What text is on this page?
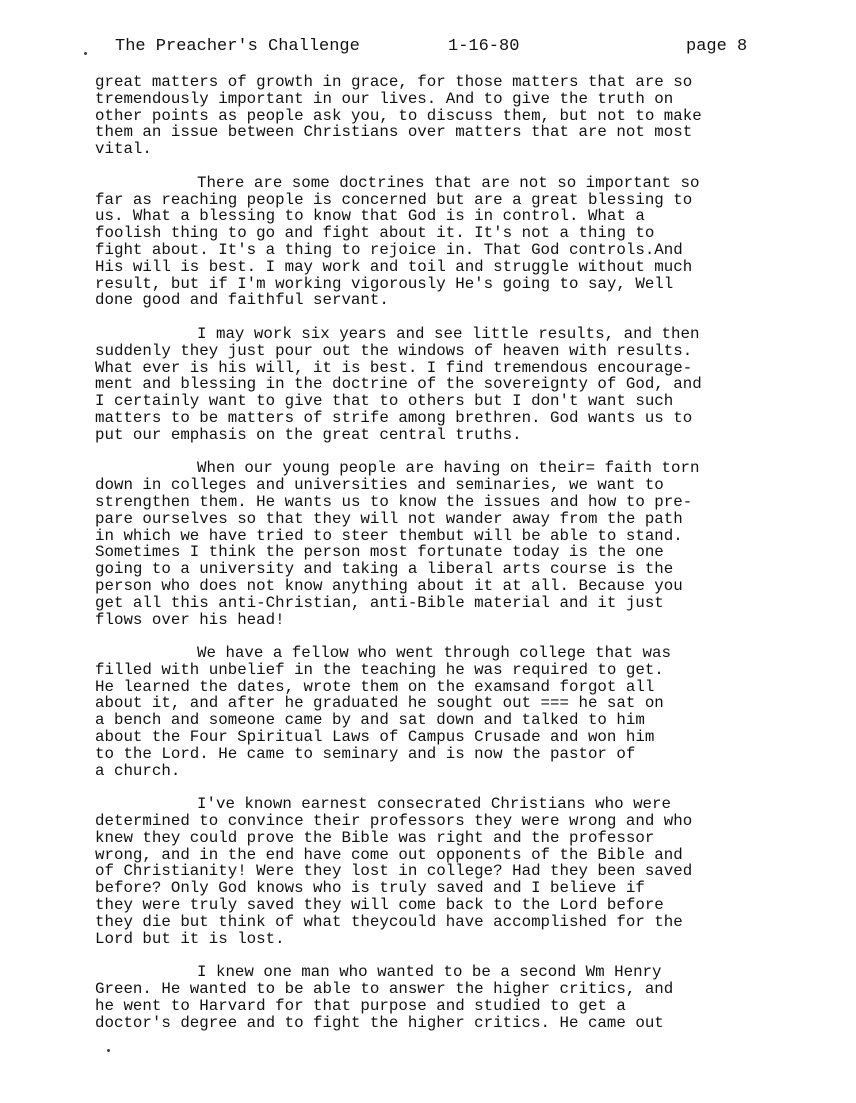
The Preacher's Challenge	1-16-80	page 8

great matters of growth in grace, for those matters that are so
tremendously important in our lives. And to give the truth on
other points as people ask you, to discuss them, but not to make
them an issue between Christians over matters that are not most
vital.

There are some doctrines that are not so important so
far as reaching people is concerned but are a great blessing to
us. What a blessing to know that God is in control. What a
foolish thing to go and fight about it. It's not a thing to
fight about. It's a thing to rejoice in. That God controls.And
His will is best. I may work and toil and struggle without much
result, but if I'm working vigorously He's going to say, Well
done good and faithful servant.

I may work six years and see little results, and then
suddenly they just pour out the windows of heaven with results.
What ever is his will, it is best. I find tremendous encourage-
ment and blessing in the doctrine of the sovereignty of God, and
I certainly want to give that to others but I don't want such
matters to be matters of strife among brethren. God wants us to
put our emphasis on the great central truths.

When our young people are having on their= faith torn
down in colleges and universities and seminaries, we want to
strengthen them. He wants us to know the issues and how to pre-
pare ourselves so that they will not wander away from the path
in which we have tried to steer thembut will be able to stand.
Sometimes I think the person most fortunate today is the one
going to a university and taking a liberal arts course is the
person who does not know anything about it at all. Because you
get all this anti-Christian, anti-Bible material and it just
flows over his head!

We have a fellow who went through college that was
filled with unbelief in the teaching he was required to get.
He learned the dates, wrote them on the examsand forgot all
about it, and after he graduated he sought out === he sat on
a bench and someone came by and sat down and talked to him
about the Four Spiritual Laws of Campus Crusade and won him
to the Lord. He came to seminary and is now the pastor of
a church.

I've known earnest consecrated Christians who were
determined to convince their professors they were wrong and who
knew they could prove the Bible was right and the professor
wrong, and in the end have come out opponents of the Bible and
of Christianity! Were they lost in college? Had they been saved
before? Only God knows who is truly saved and I believe if
they were truly saved they will come back to the Lord before
they die but think of what theycould have accomplished for the
Lord but it is lost.

I knew one man who wanted to be a second Wm Henry
Green. He wanted to be able to answer the higher critics, and
he went to Harvard for that purpose and studied to get a
doctor's degree and to fight the higher critics. He came out
